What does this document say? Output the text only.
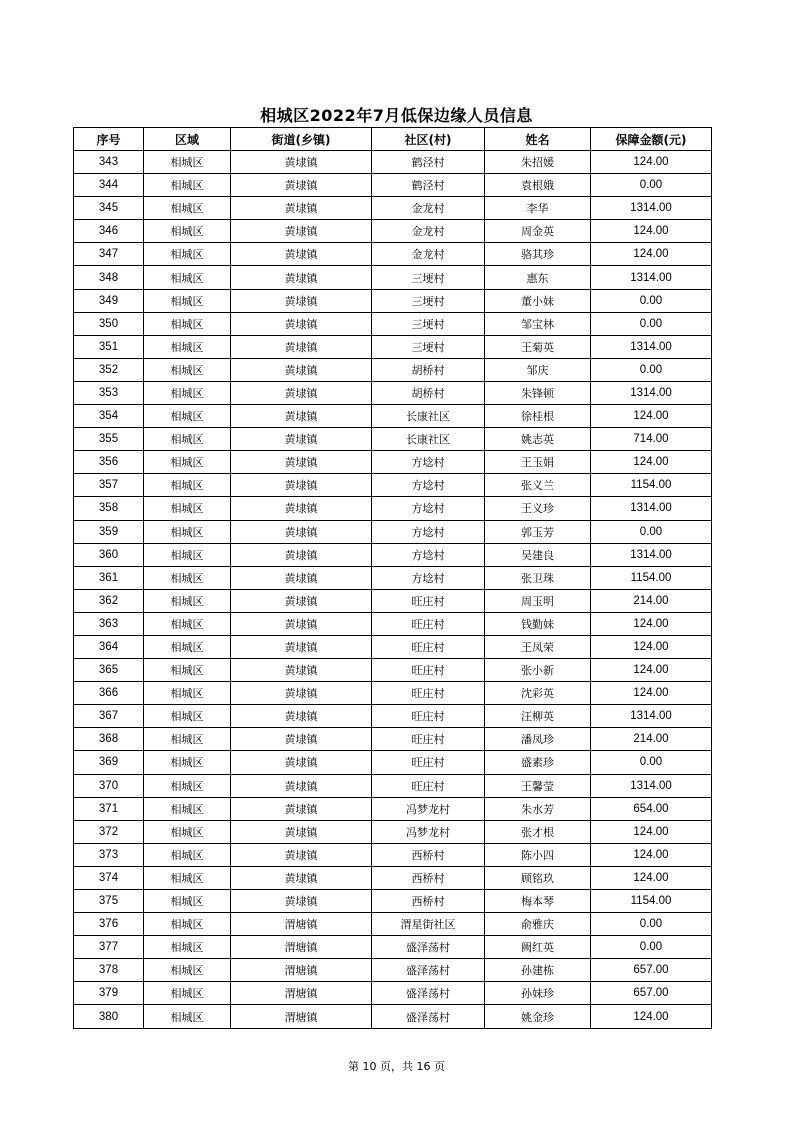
相城区2022年7月低保边缘人员信息
序号	区域	街道(乡镇)	社区(村)	姓名	保障金额(元)
343	相城区	黄埭镇	鹤泾村	朱招媛	124.00
344	相城区	黄埭镇	鹤泾村	袁根娥	0.00
345	相城区	黄埭镇	金龙村	李华	1314.00
346	相城区	黄埭镇	金龙村	周金英	124.00
347	相城区	黄埭镇	金龙村	骆其珍	124.00
348	相城区	黄埭镇	三埂村	惠东	1314.00
349	相城区	黄埭镇	三埂村	董小妹	0.00
350	相城区	黄埭镇	三埂村	邹宝林	0.00
351	相城区	黄埭镇	三埂村	王菊英	1314.00
352	相城区	黄埭镇	胡桥村	邹庆	0.00
353	相城区	黄埭镇	胡桥村	朱锋顿	1314.00
354	相城区	黄埭镇	长康社区	徐桂根	124.00
355	相城区	黄埭镇	长康社区	姚志英	714.00
356	相城区	黄埭镇	方埝村	王玉娟	124.00
357	相城区	黄埭镇	方埝村	张义兰	1154.00
358	相城区	黄埭镇	方埝村	王义珍	1314.00
359	相城区	黄埭镇	方埝村	郭玉芳	0.00
360	相城区	黄埭镇	方埝村	吴建良	1314.00
361	相城区	黄埭镇	方埝村	张卫珠	1154.00
362	相城区	黄埭镇	旺庄村	周玉明	214.00
363	相城区	黄埭镇	旺庄村	钱勤妹	124.00
364	相城区	黄埭镇	旺庄村	王凤荣	124.00
365	相城区	黄埭镇	旺庄村	张小新	124.00
366	相城区	黄埭镇	旺庄村	沈彩英	124.00
367	相城区	黄埭镇	旺庄村	汪柳英	1314.00
368	相城区	黄埭镇	旺庄村	潘凤珍	214.00
369	相城区	黄埭镇	旺庄村	盛素珍	0.00
370	相城区	黄埭镇	旺庄村	王馨莹	1314.00
371	相城区	黄埭镇	冯梦龙村	朱水芳	654.00
372	相城区	黄埭镇	冯梦龙村	张才根	124.00
373	相城区	黄埭镇	西桥村	陈小四	124.00
374	相城区	黄埭镇	西桥村	顾铭玖	124.00
375	相城区	黄埭镇	西桥村	梅本琴	1154.00
376	相城区	渭塘镇	渭星街社区	俞雅庆	0.00
377	相城区	渭塘镇	盛泽荡村	阙红英	0.00
378	相城区	渭塘镇	盛泽荡村	孙建栋	657.00
379	相城区	渭塘镇	盛泽荡村	孙妹珍	657.00
380	相城区	渭塘镇	盛泽荡村	姚金珍	124.00
第 10 页，共 16 页
